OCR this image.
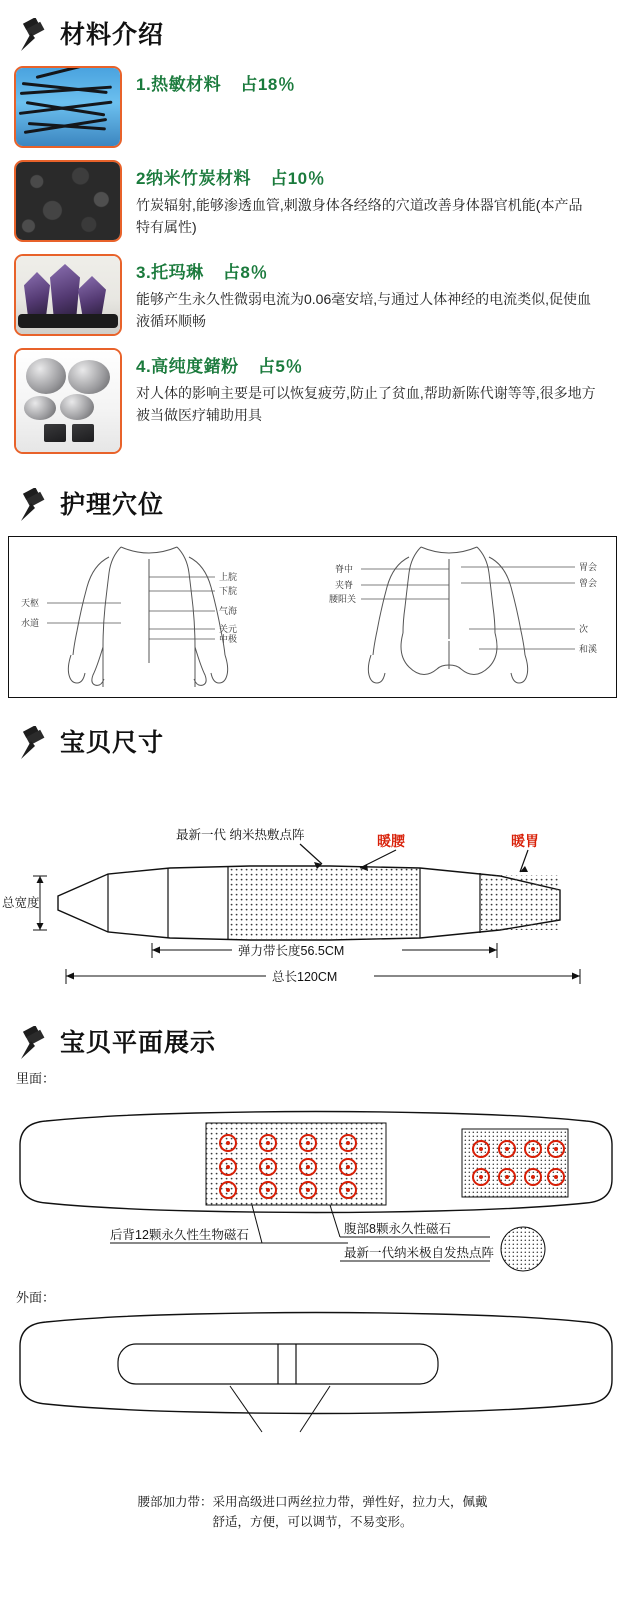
材料介绍
1.热敏材料 占18％
2纳米竹炭材料 占10％
竹炭辐射,能够渗透血管,刺激身体各经络的穴道改善身体器官机能(本产品特有属性)
3.托玛琳 占8％
能够产生永久性微弱电流为0.06毫安培,与通过人体神经的电流类似,促使血液循环顺畅
4.高纯度鍺粉 占5％
对人体的影响主要是可以恢复疲劳,防止了贫血,帮助新陈代谢等等,很多地方被当做医疗辅助用具
护理穴位
上脘
下脘
气海
关元
中极
天枢
水道
脊中
夹脊
腰阳关
胃会
曾会
次
和溪
宝贝尺寸
最新一代 纳米热敷点阵	暖腰	暖胃
总宽度
弹力带长度56.5CM
总长120CM
宝贝平面展示
里面：
后背12颗永久性生物磁石	腹部8颗永久性磁石
最新一代纳米极自发热点阵
外面：
腰部加力带：采用高级进口两丝拉力带，弹性好，拉力大，佩戴
舒适，方便，可以调节，不易变形。
